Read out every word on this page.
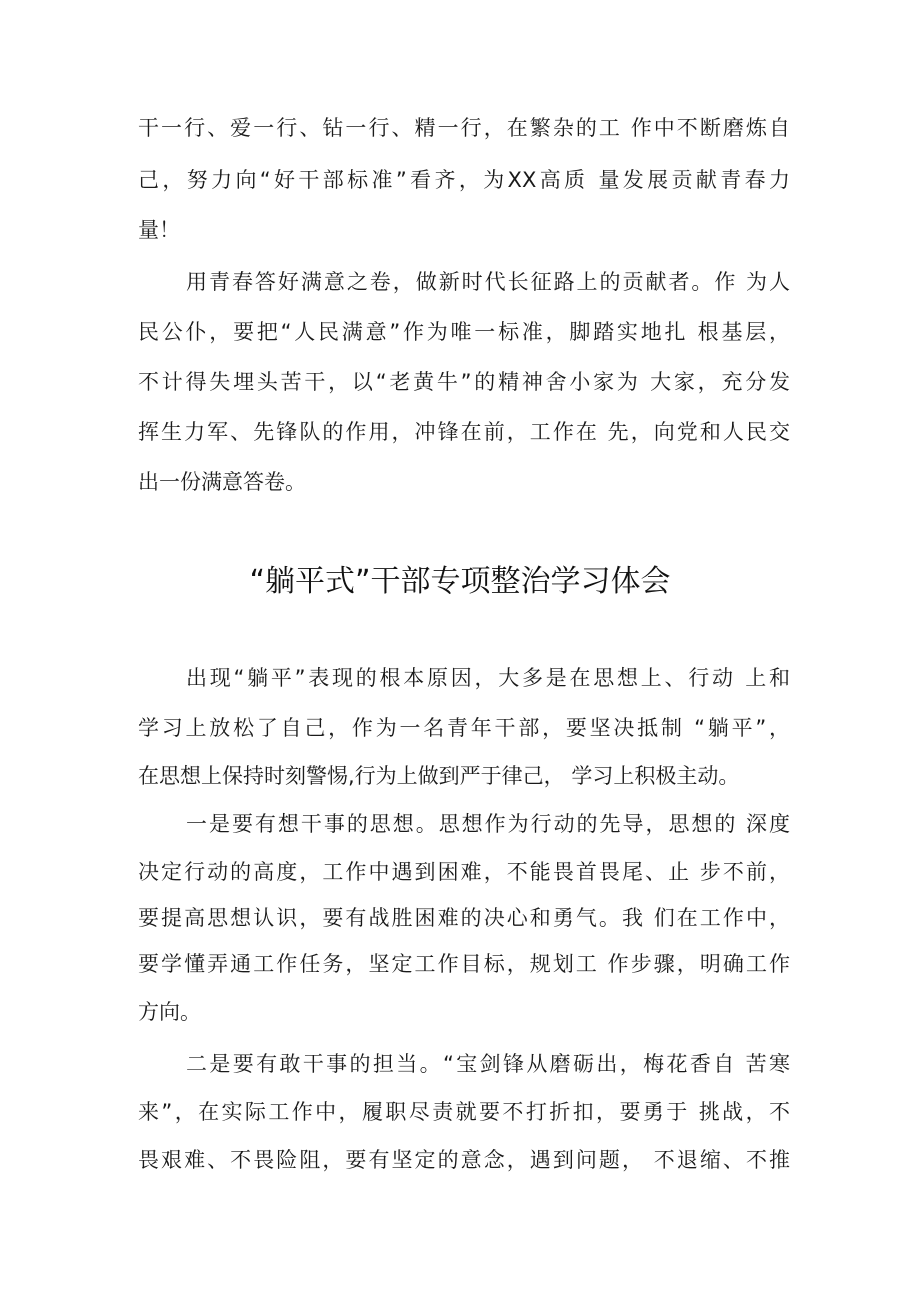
干一行、爱一行、钻一行、精一行，在繁杂的工 作中不断磨炼自
己，努力向“好干部标准”看齐，为XX高质 量发展贡献青春力
量！
用青春答好满意之卷，做新时代长征路上的贡献者。作 为人
民公仆，要把“人民满意”作为唯一标准，脚踏实地扎 根基层，
不计得失埋头苦干，以“老黄牛”的精神舍小家为 大家，充分发
挥生力军、先锋队的作用，冲锋在前，工作在 先，向党和人民交
出一份满意答卷。
“躺平式”干部专项整治学习体会
出现“躺平”表现的根本原因，大多是在思想上、行动 上和
学习上放松了自己，作为一名青年干部，要坚决抵制 “躺平”，
在思想上保持时刻警惕,行为上做到严于律己， 学习上积极主动。
一是要有想干事的思想。思想作为行动的先导，思想的 深度
决定行动的高度，工作中遇到困难，不能畏首畏尾、止 步不前，
要提高思想认识，要有战胜困难的决心和勇气。我 们在工作中，
要学懂弄通工作任务，坚定工作目标，规划工 作步骤，明确工作
方向。
二是要有敢干事的担当。“宝剑锋从磨砺出，梅花香自 苦寒
来”，在实际工作中，履职尽责就要不打折扣，要勇于 挑战，不
畏艰难、不畏险阻，要有坚定的意念，遇到问题， 不退缩、不推
